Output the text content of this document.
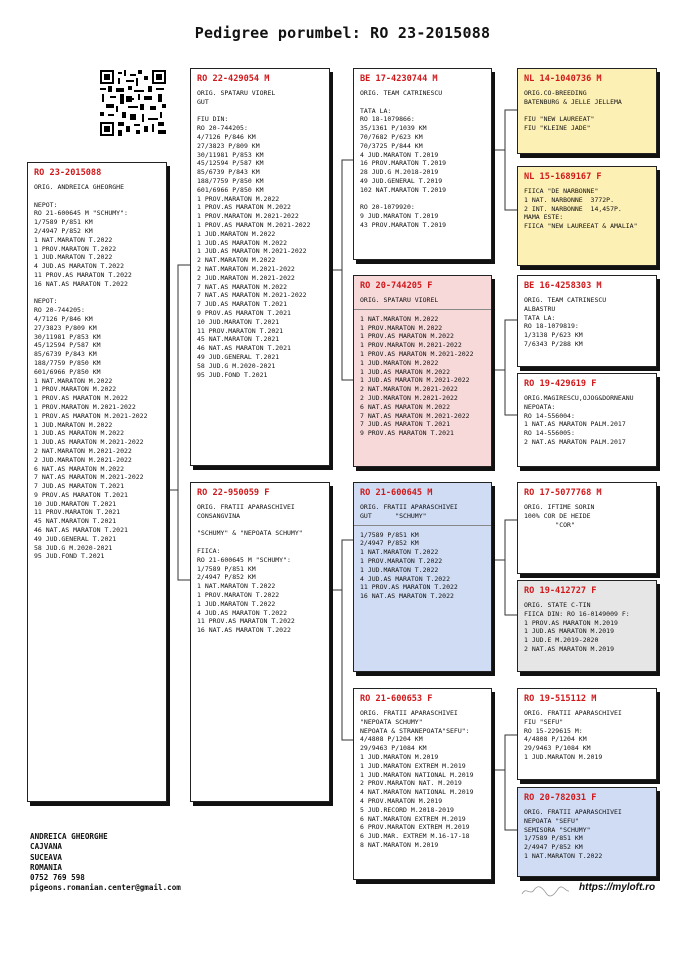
Pedigree porumbel: RO 23-2015088
RO 23-2015088
ORIG. ANDREICA GHEORGHE

NEPOT:
RO 21-600645 M "SCHUMY":
1/7589 P/851 KM
2/4947 P/852 KM
1 NAT.MARATON T.2022
1 PROV.MARATON T.2022
1 JUD.MARATON T.2022
4 JUD.AS MARATON T.2022
11 PROV.AS MARATON T.2022
16 NAT.AS MARATON T.2022

NEPOT:
RO 20-744205:
4/7126 P/846 KM
27/3823 P/809 KM
30/11981 P/853 KM
45/12594 P/587 KM
85/6739 P/843 KM
188/7759 P/850 KM
601/6966 P/850 KM
1 NAT.MARATON M.2022
1 PROV.MARATON M.2022
1 PROV.AS MARATON M.2022
1 PROV.MARATON M.2021-2022
1 PROV.AS MARATON M.2021-2022
1 JUD.MARATON M.2022
1 JUD.AS MARATON M.2022
1 JUD.AS MARATON M.2021-2022
2 NAT.MARATON M.2021-2022
2 JUD.MARATON M.2021-2022
6 NAT.AS MARATON M.2022
7 NAT.AS MARATON M.2021-2022
7 JUD.AS MARATON T.2021
9 PROV.AS MARATON T.2021
10 JUD.MARATON T.2021
11 PROV.MARATON T.2021
45 NAT.MARATON T.2021
46 NAT.AS MARATON T.2021
49 JUD.GENERAL T.2021
58 JUD.G M.2020-2021
95 JUD.FOND T.2021
RO 22-429054 M
ORIG. SPATARU VIOREL
GUT

FIU DIN:
RO 20-744205:
4/7126 P/846 KM
27/3823 P/809 KM
30/11981 P/853 KM
45/12594 P/587 KM
85/6739 P/843 KM
188/7759 P/850 KM
601/6966 P/850 KM
1 PROV.MARATON M.2022
1 PROV.AS MARATON M.2022
1 PROV.MARATON M.2021-2022
1 PROV.AS MARATON M.2021-2022
1 JUD.MARATON M.2022
1 JUD.AS MARATON M.2022
1 JUD.AS MARATON M.2021-2022
2 NAT.MARATON M.2022
2 NAT.MARATON M.2021-2022
2 JUD.MARATON M.2021-2022
7 NAT.AS MARATON M.2022
7 NAT.AS MARATON M.2021-2022
7 JUD.AS MARATON T.2021
9 PROV.AS MARATON T.2021
10 JUD.MARATON T.2021
11 PROV.MARATON T.2021
45 NAT.MARATON T.2021
46 NAT.AS MARATON T.2021
49 JUD.GENERAL T.2021
58 JUD.G M.2020-2021
95 JUD.FOND T.2021
RO 22-950059 F
ORIG. FRATII APARASCHIVEI
CONSANGVINA

"SCHUMY" & "NEPOATA SCHUMY"

FIICA:
RO 21-600645 M "SCHUMY":
1/7589 P/851 KM
2/4947 P/852 KM
1 NAT.MARATON T.2022
1 PROV.MARATON T.2022
1 JUD.MARATON T.2022
4 JUD.AS MARATON T.2022
11 PROV.AS MARATON T.2022
16 NAT.AS MARATON T.2022
BE 17-4230744 M
ORIG. TEAM CATRINESCU

TATA LA:
RO 18-1079866:
35/1361 P/1039 KM
70/7682 P/623 KM
70/3725 P/844 KM
4 JUD.MARATON T.2019
16 PROV.MARATON T.2019
28 JUD.G M.2018-2019
49 JUD.GENERAL T.2019
102 NAT.MARATON T.2019

RO 20-1079920:
9 JUD.MARATON T.2019
43 PROV.MARATON T.2019
RO 20-744205 F
ORIG. SPATARU VIOREL
1 NAT.MARATON M.2022
1 PROV.MARATON M.2022
1 PROV.AS MARATON M.2022
1 PROV.MARATON M.2021-2022
1 PROV.AS MARATON M.2021-2022
1 JUD.MARATON M.2022
1 JUD.AS MARATON M.2022
1 JUD.AS MARATON M.2021-2022
2 NAT.MARATON M.2021-2022
2 JUD.MARATON M.2021-2022
6 NAT.AS MARATON M.2022
7 NAT.AS MARATON M.2021-2022
7 JUD.AS MARATON T.2021
9 PROV.AS MARATON T.2021
RO 21-600645 M
ORIG. FRATII APARASCHIVEI
GUT      "SCHUMY"
1/7589 P/851 KM
2/4947 P/852 KM
1 NAT.MARATON T.2022
1 PROV.MARATON T.2022
1 JUD.MARATON T.2022
4 JUD.AS MARATON T.2022
11 PROV.AS MARATON T.2022
16 NAT.AS MARATON T.2022
RO 21-600653 F
ORIG. FRATII APARASCHIVEI
"NEPOATA SCHUMY"
NEPOATA & STRANEPOATA"SEFU":
4/4808 P/1204 KM
29/9463 P/1084 KM
1 JUD.MARATON M.2019
1 JUD.MARATON EXTREM M.2019
1 JUD.MARATON NATIONAL M.2019
2 PROV.MARATON NAT. M.2019
4 NAT.MARATON NATIONAL M.2019
4 PROV.MARATON M.2019
5 JUD.RECORD M.2018-2019
6 NAT.MARATON EXTREM M.2019
6 PROV.MARATON EXTREM M.2019
6 JUD.MAR. EXTREM M.16-17-18
8 NAT.MARATON M.2019
NL 14-1040736 M
ORIG.CO-BREEDING
BATENBURG & JELLE JELLEMA

FIU "NEW LAUREEAT"
FIU "KLEINE JADE"
NL 15-1689167 F
FIICA "DE NARBONNE"
1 NAT. NARBONNE  3772P.
2 INT. NARBONNE  14,457P.
MAMA ESTE:
FIICA "NEW LAUREEAT & AMALIA"
BE 16-4258303 M
ORIG. TEAM CATRINESCU
ALBASTRU
TATA LA:
RO 18-1079819:
1/3138 P/623 KM
7/6343 P/288 KM
RO 19-429619 F
ORIG.MAGIRESCU,OJOG&DORNEANU
NEPOATA:
RO 14-556004:
1 NAT.AS MARATON PALM.2017
RO 14-556005:
2 NAT.AS MARATON PALM.2017
RO 17-5077768 M
ORIG. IFTIME SORIN
100% COR DE HEIDE
"COR"
RO 19-412727 F
ORIG. STATE C-TIN
FIICA DIN: RO 16-0149009 F:
1 PROV.AS MARATON M.2019
1 JUD.AS MARATON M.2019
1 JUD.E M.2019-2020
2 NAT.AS MARATON M.2019
RO 19-515112 M
ORIG. FRATII APARASCHIVEI
FIU "SEFU"
RO 15-229615 M:
4/4808 P/1204 KM
29/9463 P/1084 KM
1 JUD.MARATON M.2019
RO 20-782031 F
ORIG. FRATII APARASCHIVEI
NEPOATA "SEFU"
SEMISORA "SCHUMY"
1/7589 P/851 KM
2/4947 P/852 KM
1 NAT.MARATON T.2022
ANDREICA GHEORGHE
CAJVANA
SUCEAVA
ROMANIA
0752 769 598
pigeons.romanian.center@gmail.com	https://myloft.ro
